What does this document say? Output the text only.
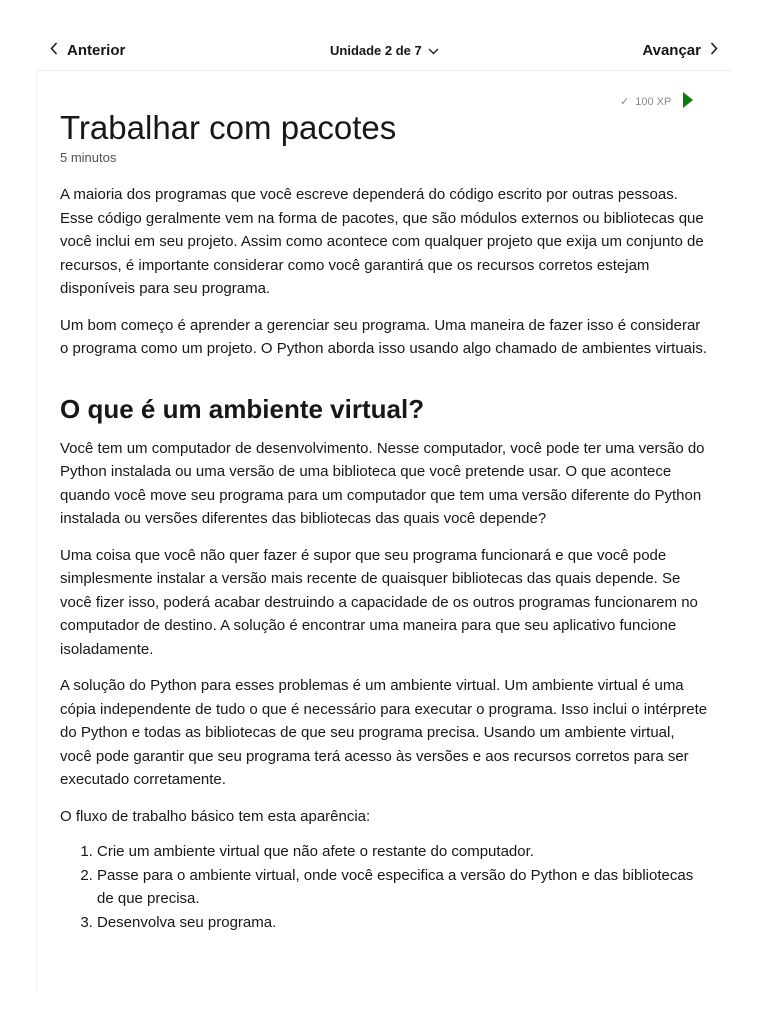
Anterior	Unidade 2 de 7	Avançar
✓ 100 XP
Trabalhar com pacotes
5 minutos

A maioria dos programas que você escreve dependerá do código escrito por outras pessoas. Esse código geralmente vem na forma de pacotes, que são módulos externos ou bibliotecas que você inclui em seu projeto. Assim como acontece com qualquer projeto que exija um conjunto de recursos, é importante considerar como você garantirá que os recursos corretos estejam disponíveis para seu programa.

Um bom começo é aprender a gerenciar seu programa. Uma maneira de fazer isso é considerar o programa como um projeto. O Python aborda isso usando algo chamado de ambientes virtuais.

O que é um ambiente virtual?

Você tem um computador de desenvolvimento. Nesse computador, você pode ter uma versão do Python instalada ou uma versão de uma biblioteca que você pretende usar. O que acontece quando você move seu programa para um computador que tem uma versão diferente do Python instalada ou versões diferentes das bibliotecas das quais você depende?

Uma coisa que você não quer fazer é supor que seu programa funcionará e que você pode simplesmente instalar a versão mais recente de quaisquer bibliotecas das quais depende. Se você fizer isso, poderá acabar destruindo a capacidade de os outros programas funcionarem no computador de destino. A solução é encontrar uma maneira para que seu aplicativo funcione isoladamente.

A solução do Python para esses problemas é um ambiente virtual. Um ambiente virtual é uma cópia independente de tudo o que é necessário para executar o programa. Isso inclui o intérprete do Python e todas as bibliotecas de que seu programa precisa. Usando um ambiente virtual, você pode garantir que seu programa terá acesso às versões e aos recursos corretos para ser executado corretamente.

O fluxo de trabalho básico tem esta aparência:

1. Crie um ambiente virtual que não afete o restante do computador.
2. Passe para o ambiente virtual, onde você especifica a versão do Python e das bibliotecas de que precisa.
3. Desenvolva seu programa.
